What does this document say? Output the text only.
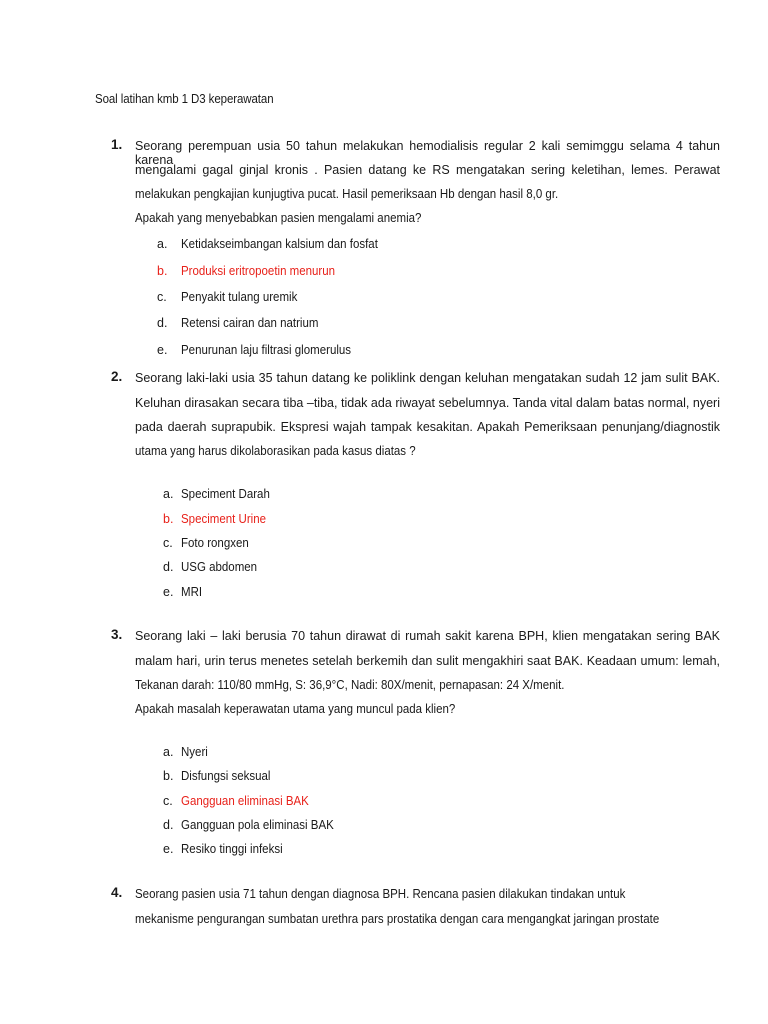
Soal latihan kmb 1 D3 keperawatan
1. Seorang perempuan usia 50 tahun melakukan hemodialisis regular 2 kali semimggu selama 4 tahun karena
mengalami gagal ginjal kronis . Pasien datang ke RS mengatakan sering keletihan, lemes. Perawat
melakukan pengkajian kunjugtiva pucat. Hasil pemeriksaan Hb dengan hasil 8,0 gr.
Apakah yang menyebabkan pasien mengalami anemia?
a. Ketidakseimbangan kalsium dan fosfat
b. Produksi eritropoetin menurun
c. Penyakit tulang uremik
d. Retensi cairan dan natrium
e. Penurunan laju filtrasi glomerulus
2. Seorang laki-laki usia 35 tahun datang ke poliklink dengan keluhan mengatakan sudah 12 jam sulit BAK.
Keluhan dirasakan secara tiba –tiba, tidak ada riwayat sebelumnya. Tanda vital dalam batas normal, nyeri
pada daerah suprapubik. Ekspresi wajah tampak kesakitan. Apakah Pemeriksaan penunjang/diagnostik
utama yang harus dikolaborasikan pada kasus diatas ?
a. Speciment Darah
b. Speciment Urine
c. Foto rongxen
d. USG abdomen
e. MRI
3. Seorang laki – laki berusia 70 tahun dirawat di rumah sakit karena BPH, klien mengatakan sering BAK
malam hari, urin terus menetes setelah berkemih dan sulit mengakhiri saat BAK. Keadaan umum: lemah,
Tekanan darah: 110/80 mmHg, S: 36,9°C, Nadi: 80X/menit, pernapasan: 24 X/menit.
Apakah masalah keperawatan utama yang muncul pada klien?
a. Nyeri
b. Disfungsi seksual
c. Gangguan eliminasi BAK
d. Gangguan pola eliminasi BAK
e. Resiko tinggi infeksi
4. Seorang pasien usia 71 tahun dengan diagnosa BPH. Rencana pasien dilakukan tindakan untuk
mekanisme pengurangan sumbatan urethra pars prostatika dengan cara mengangkat jaringan prostate
